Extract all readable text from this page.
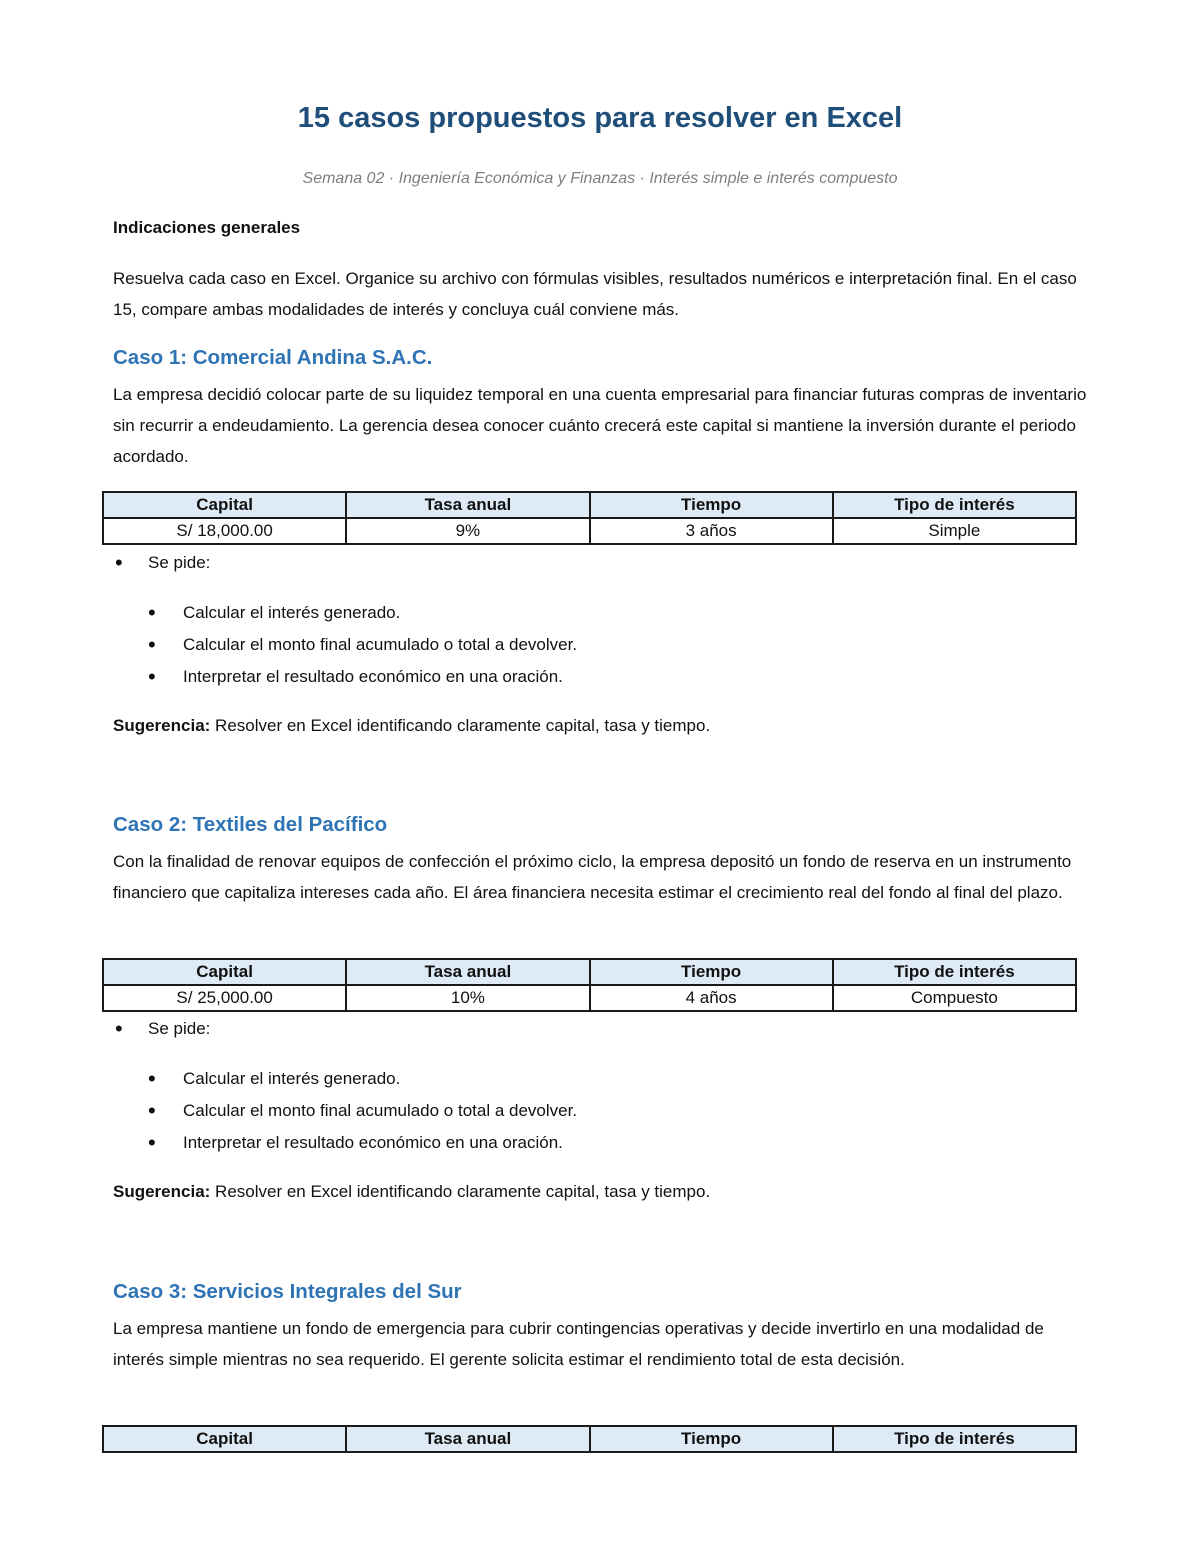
15 casos propuestos para resolver en Excel

Semana 02 · Ingeniería Económica y Finanzas · Interés simple e interés compuesto

Indicaciones generales

Resuelva cada caso en Excel. Organice su archivo con fórmulas visibles, resultados numéricos e interpretación final. En el caso 15, compare ambas modalidades de interés y concluya cuál conviene más.

Caso 1: Comercial Andina S.A.C.

La empresa decidió colocar parte de su liquidez temporal en una cuenta empresarial para financiar futuras compras de inventario sin recurrir a endeudamiento. La gerencia desea conocer cuánto crecerá este capital si mantiene la inversión durante el periodo acordado.

Capital	Tasa anual	Tiempo	Tipo de interés
S/ 18,000.00	9%	3 años	Simple
• Se pide:
• Calcular el interés generado.
• Calcular el monto final acumulado o total a devolver.
• Interpretar el resultado económico en una oración.

Sugerencia: Resolver en Excel identificando claramente capital, tasa y tiempo.

Caso 2: Textiles del Pacífico

Con la finalidad de renovar equipos de confección el próximo ciclo, la empresa depositó un fondo de reserva en un instrumento financiero que capitaliza intereses cada año. El área financiera necesita estimar el crecimiento real del fondo al final del plazo.

Capital	Tasa anual	Tiempo	Tipo de interés
S/ 25,000.00	10%	4 años	Compuesto
• Se pide:
• Calcular el interés generado.
• Calcular el monto final acumulado o total a devolver.
• Interpretar el resultado económico en una oración.

Sugerencia: Resolver en Excel identificando claramente capital, tasa y tiempo.

Caso 3: Servicios Integrales del Sur

La empresa mantiene un fondo de emergencia para cubrir contingencias operativas y decide invertirlo en una modalidad de interés simple mientras no sea requerido. El gerente solicita estimar el rendimiento total de esta decisión.

Capital	Tasa anual	Tiempo	Tipo de interés
